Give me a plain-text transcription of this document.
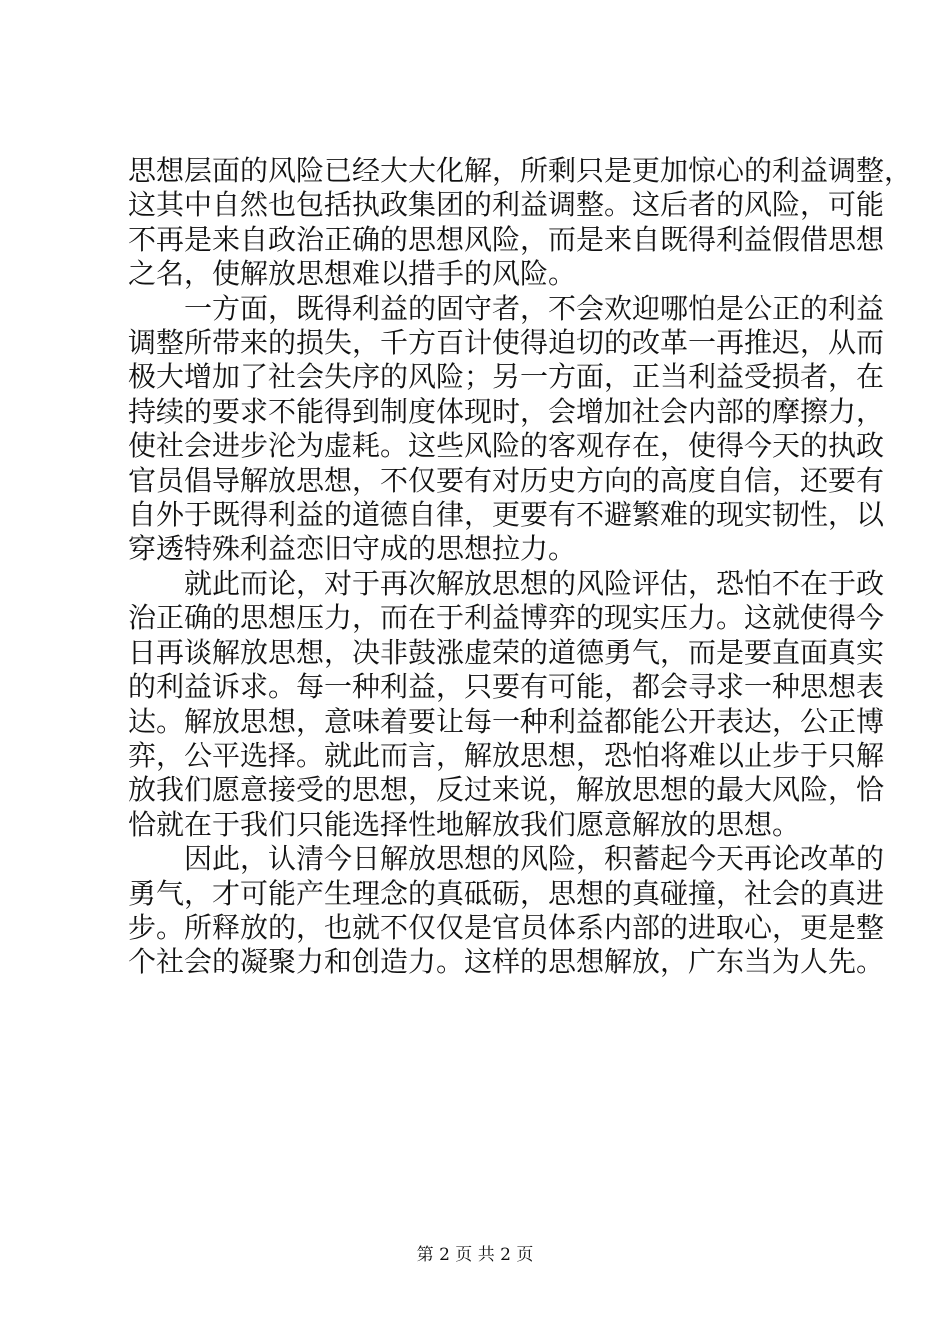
思想层面的风险已经大大化解，所剩只是更加惊心的利益调整，
这其中自然也包括执政集团的利益调整。这后者的风险，可能
不再是来自政治正确的思想风险，而是来自既得利益假借思想
之名，使解放思想难以措手的风险。
一方面，既得利益的固守者，不会欢迎哪怕是公正的利益
调整所带来的损失，千方百计使得迫切的改革一再推迟，从而
极大增加了社会失序的风险；另一方面，正当利益受损者，在
持续的要求不能得到制度体现时，会增加社会内部的摩擦力，
使社会进步沦为虚耗。这些风险的客观存在，使得今天的执政
官员倡导解放思想，不仅要有对历史方向的高度自信，还要有
自外于既得利益的道德自律，更要有不避繁难的现实韧性，以
穿透特殊利益恋旧守成的思想拉力。
就此而论，对于再次解放思想的风险评估，恐怕不在于政
治正确的思想压力，而在于利益博弈的现实压力。这就使得今
日再谈解放思想，决非鼓涨虚荣的道德勇气，而是要直面真实
的利益诉求。每一种利益，只要有可能，都会寻求一种思想表
达。解放思想，意味着要让每一种利益都能公开表达，公正博
弈，公平选择。就此而言，解放思想，恐怕将难以止步于只解
放我们愿意接受的思想，反过来说，解放思想的最大风险，恰
恰就在于我们只能选择性地解放我们愿意解放的思想。
因此，认清今日解放思想的风险，积蓄起今天再论改革的
勇气，才可能产生理念的真砥砺，思想的真碰撞，社会的真进
步。所释放的，也就不仅仅是官员体系内部的进取心，更是整
个社会的凝聚力和创造力。这样的思想解放，广东当为人先。
第 2 页 共 2 页
